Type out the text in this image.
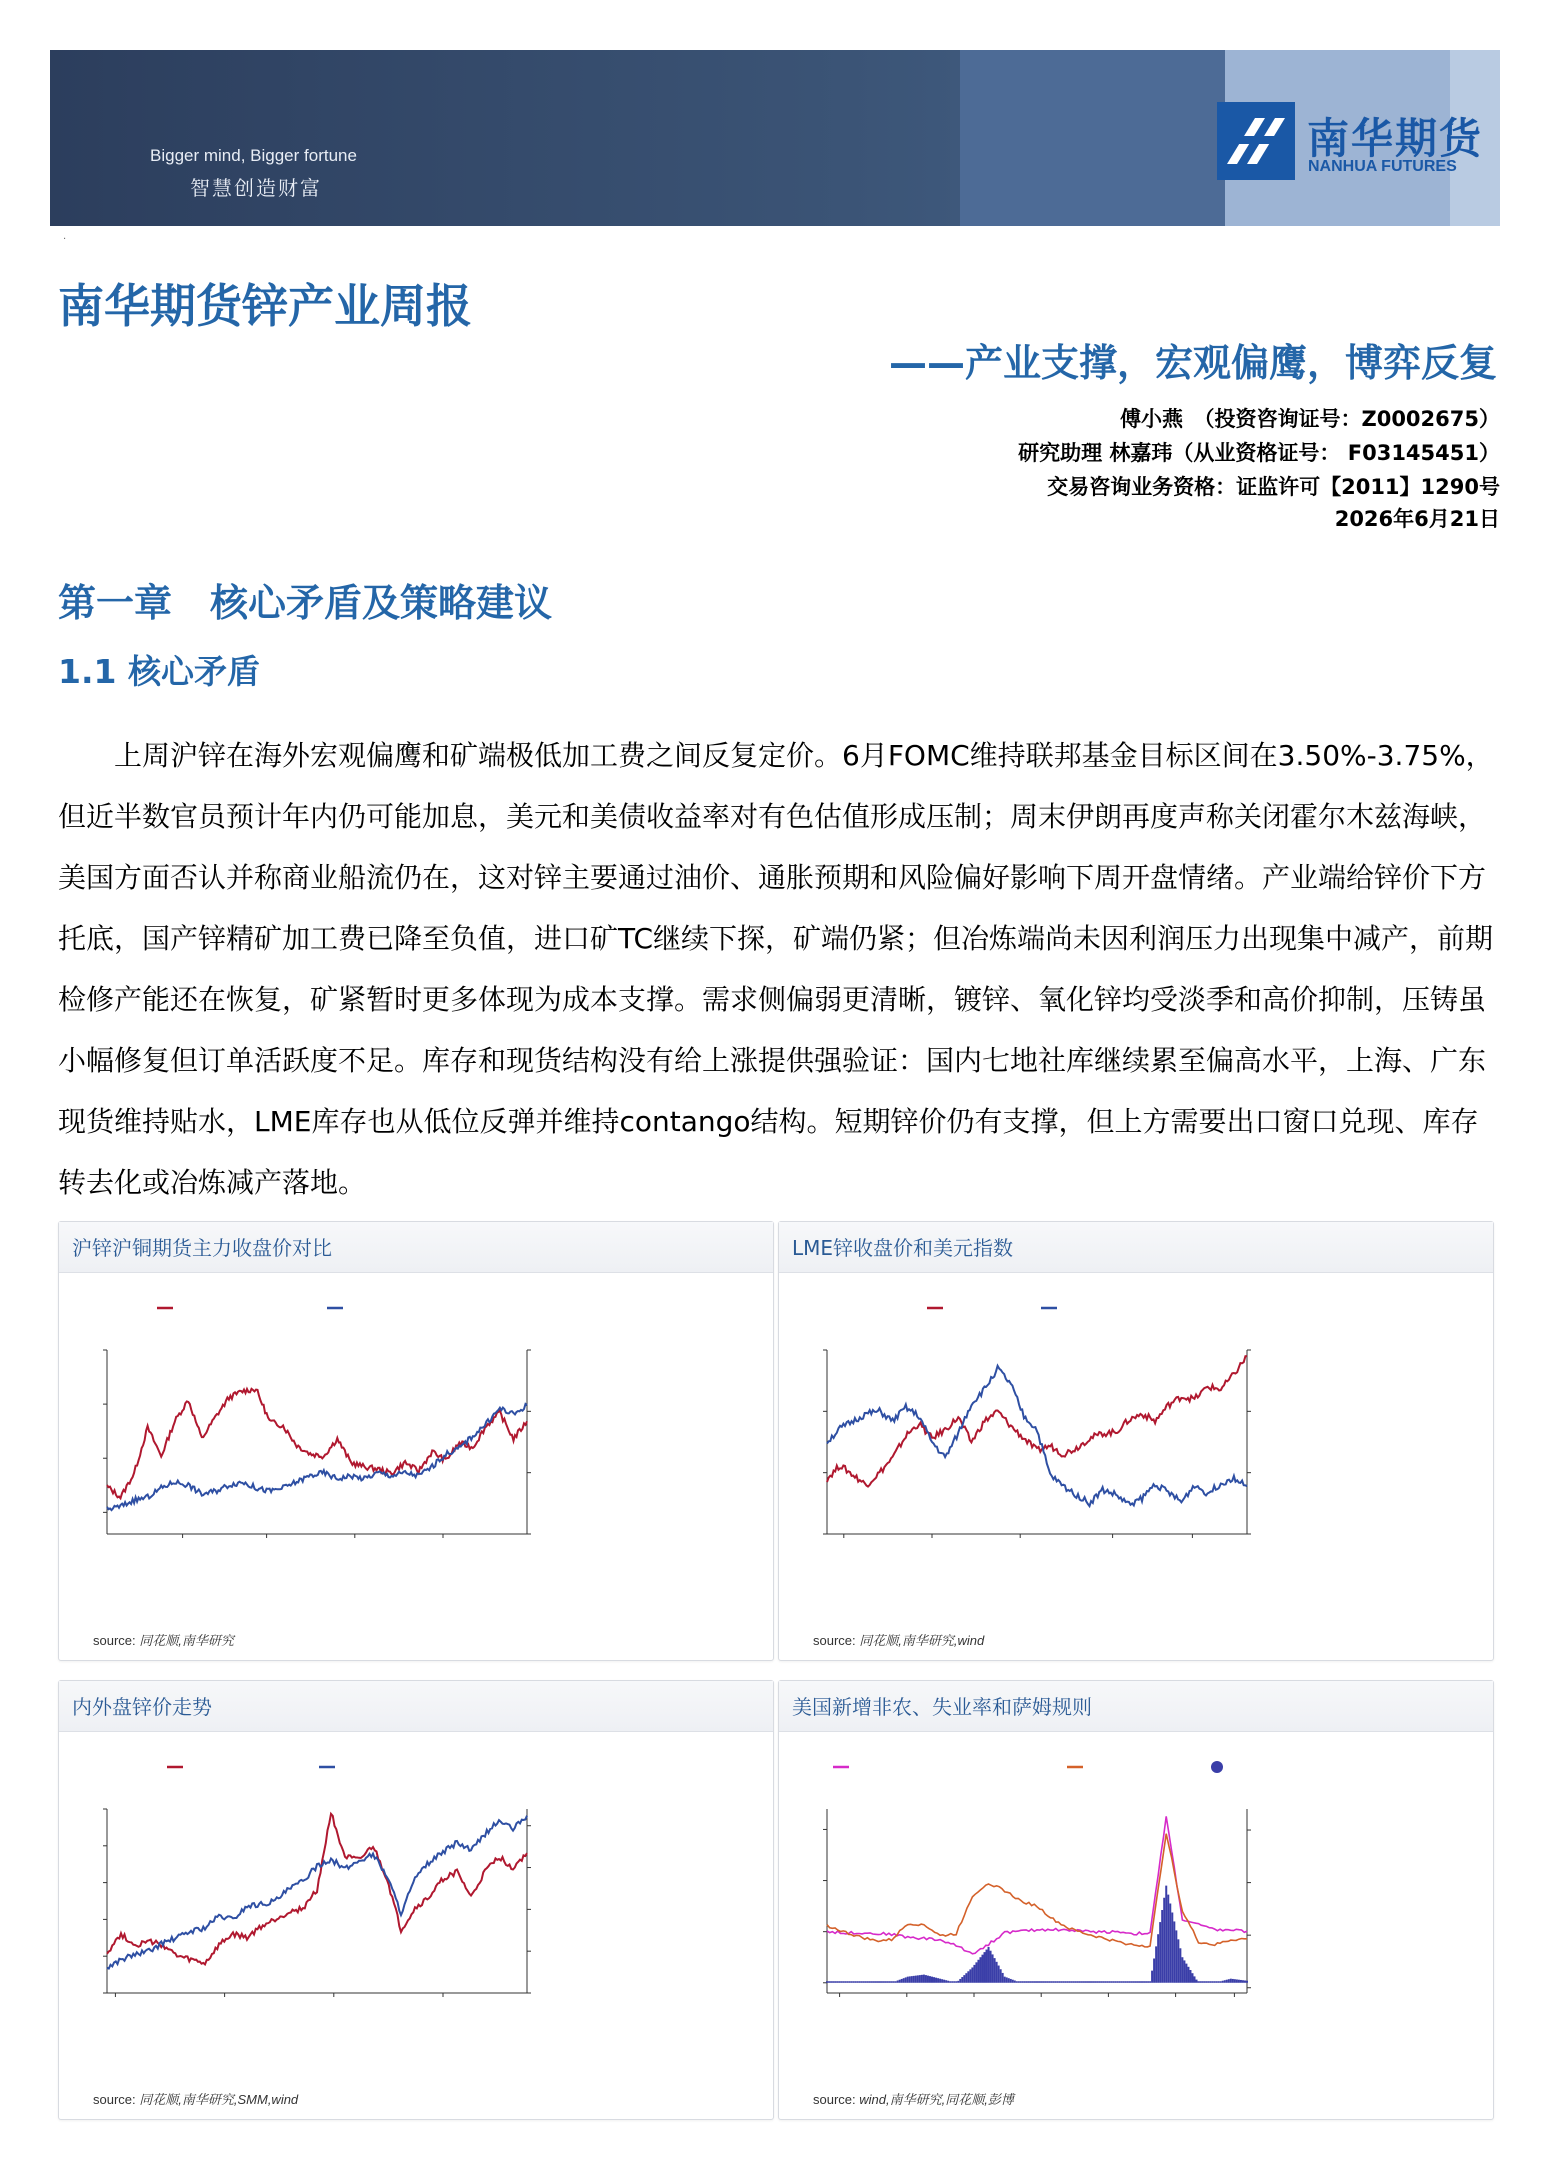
Bigger mind, Bigger fortune
智慧创造财富
南华期货
NANHUA FUTURES
·
南华期货锌产业周报
——产业支撑，宏观偏鹰，博弈反复
傅小燕　（投资咨询证号：Z0002675）
研究助理 林嘉玮（从业资格证号： F03145451）
交易咨询业务资格：证监许可【2011】1290号
2026年6月21日
第一章　核心矛盾及策略建议
1.1 核心矛盾
上周沪锌在海外宏观偏鹰和矿端极低加工费之间反复定价。6月FOMC维持联邦基金目标区间在3.50%-3.75%，但近半数官员预计年内仍可能加息，美元和美债收益率对有色估值形成压制；周末伊朗再度声称关闭霍尔木兹海峡，美国方面否认并称商业船流仍在，这对锌主要通过油价、通胀预期和风险偏好影响下周开盘情绪。产业端给锌价下方托底，国产锌精矿加工费已降至负值，进口矿TC继续下探，矿端仍紧；但冶炼端尚未因利润压力出现集中减产，前期检修产能还在恢复，矿紧暂时更多体现为成本支撑。需求侧偏弱更清晰，镀锌、氧化锌均受淡季和高价抑制，压铸虽小幅修复但订单活跃度不足。库存和现货结构没有给上涨提供强验证：国内七地社库继续累至偏高水平，上海、广东现货维持贴水，LME库存也从低位反弹并维持contango结构。短期锌价仍有支撑，但上方需要出口窗口兑现、库存转去化或冶炼减产落地。
沪锌沪铜期货主力收盘价对比
source: 同花顺,南华研究
LME锌收盘价和美元指数
source: 同花顺,南华研究,wind
内外盘锌价走势
source: 同花顺,南华研究,SMM,wind
美国新增非农、失业率和萨姆规则
source: wind,南华研究,同花顺,彭博
